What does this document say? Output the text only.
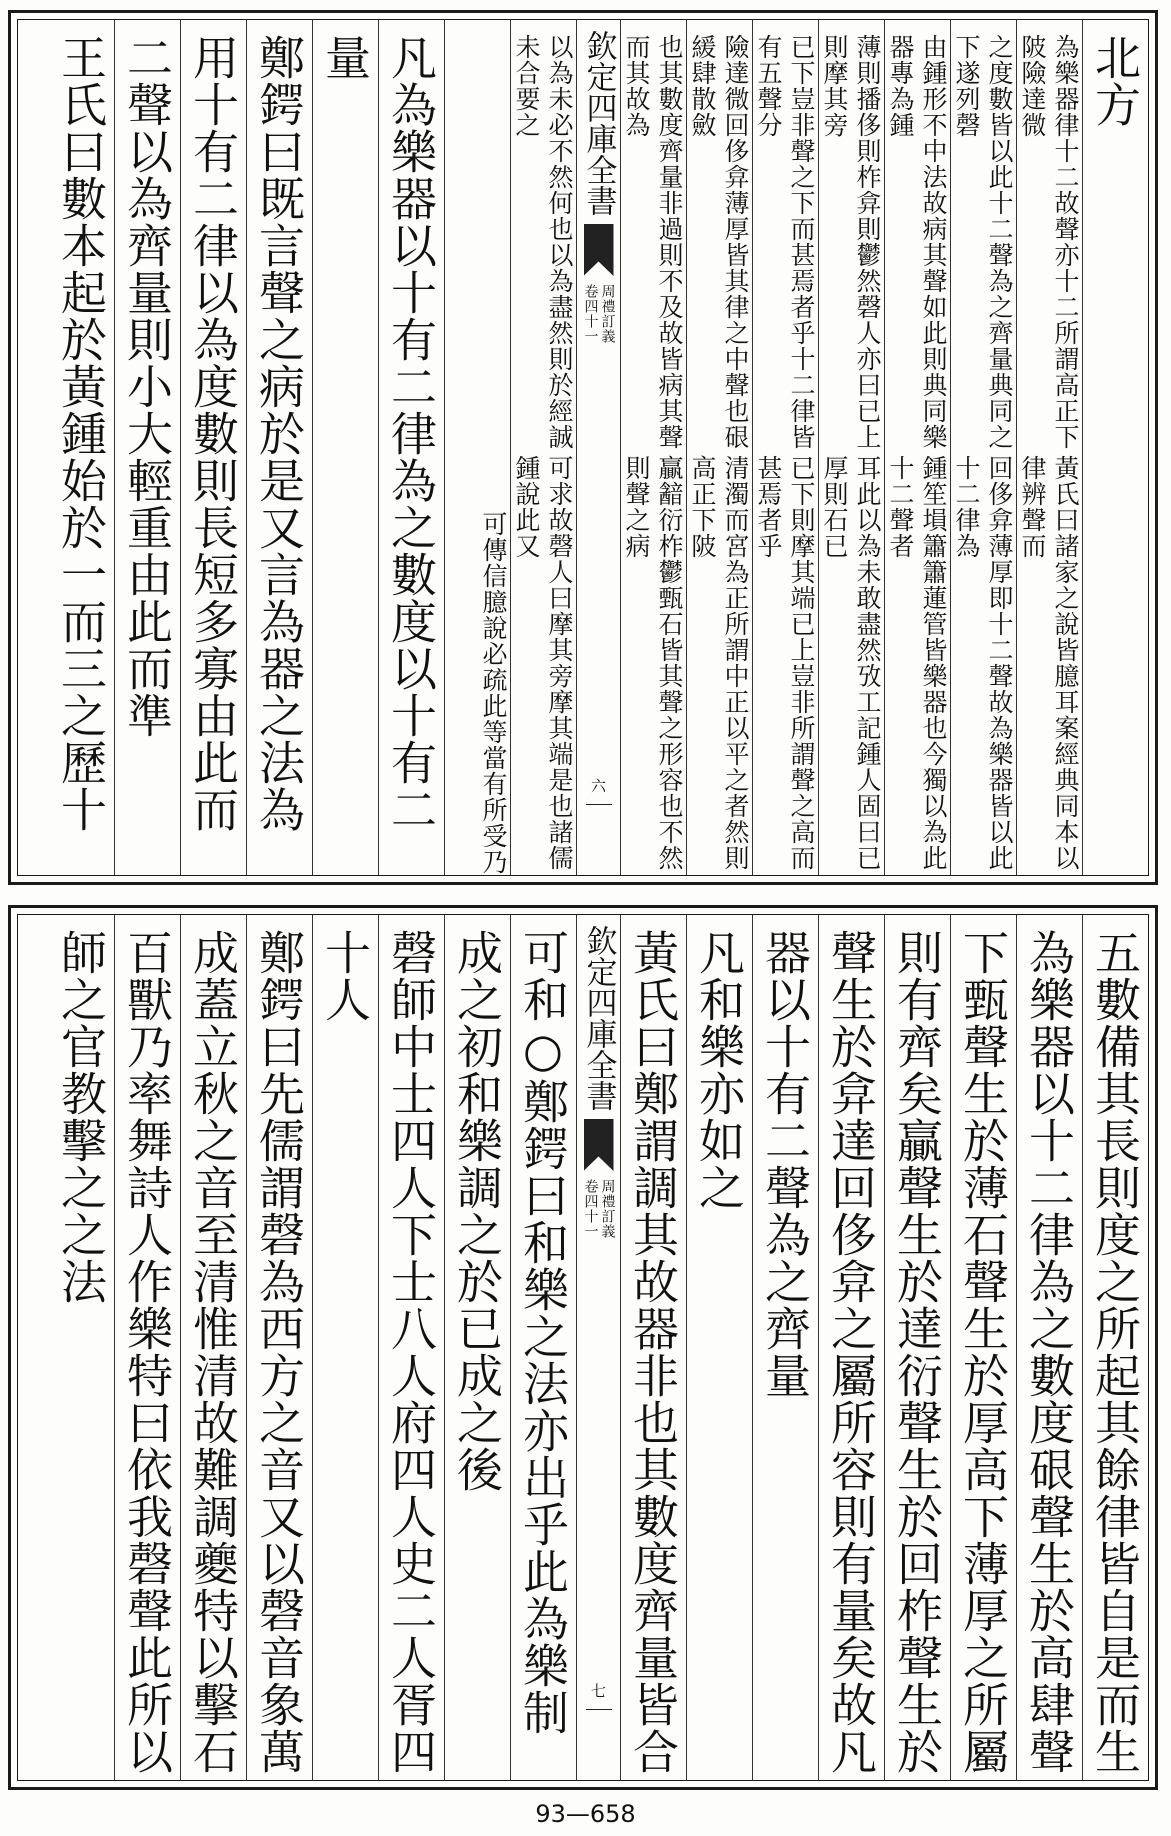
北方
黃氏曰諸家之說皆臆耳案經典同本以律辨聲而
為樂器律十二故聲亦十二所謂高正下陂險達微
回侈弇薄厚即十二聲故為樂器皆以此十二律為
之度數皆以此十二聲為之齊量典同之下遂列磬
鍾笙塤簫簫蓮管皆樂器也今獨以為此十二聲者
由鍾形不中法故病其聲如此則典同樂器專為鍾
耳此以為未敢盡然攷工記鍾人固曰已厚則石已
薄則播侈則柞弇則鬱然磬人亦曰已上則摩其旁
已下則摩其端已上豈非所謂聲之高而甚焉者乎
已下豈非聲之下而甚焉者乎十二律皆有五聲分
清濁而宮為正所謂中正以平之者然則高正下陂
險達微回侈弇薄厚皆其律之中聲也硍緩肆散斂
贏韽衍柞鬱甄石皆其聲之形容也不然則聲之病
也其數度齊量非過則不及故皆病其聲而其故為
欽定四庫全書
周禮訂義
卷四十一
六
可求故磬人曰摩其旁摩其端是也諸儒鍾說此又
以為未必不然何也以為盡然則於經誠未合要之
此等當有所受乃
可傳信臆說必疏
凡為樂器以十有二律為之數度以十有二
量
鄭鍔曰既言聲之病於是又言為器之法為
用十有二律以為度數則長短多寡由此而
二聲以為齊量則小大輕重由此而準
王氏曰數本起於黃鍾始於一而三之歷十
五數備其長則度之所起其餘律皆自是而生
為樂器以十二律為之數度硍聲生於高肆聲
下甄聲生於薄石聲生於厚高下薄厚之所屬
則有齊矣贏聲生於達衍聲生於回柞聲生於
聲生於弇達回侈弇之屬所容則有量矣故凡
器以十有二聲為之齊量
凡和樂亦如之
黃氏曰鄭謂調其故器非也其數度齊量皆合
欽定四庫全書
周禮訂義
卷四十一
七
可和○鄭鍔曰和樂之法亦出乎此為樂制
成之初和樂調之於已成之後
磬師中士四人下士八人府四人史二人胥四
十人
鄭鍔曰先儒謂磬為西方之音又以磬音象萬
成蓋立秋之音至清惟清故難調夔特以擊石
百獸乃率舞詩人作樂特曰依我磬聲此所以
師之官教擊之之法
93—658
